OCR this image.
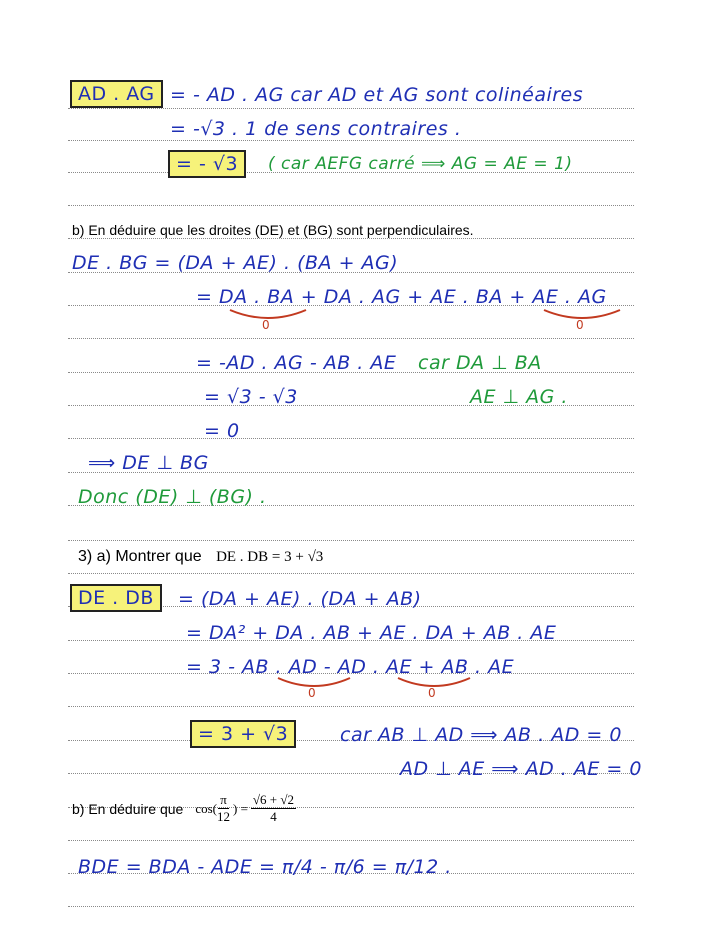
AD . AG = - AD . AG car AD et AG sont colinéaires
= -√3 . 1 de sens contraires .
= - √3	( car AEFG carré ⟹ AG = AE = 1)
b) En déduire que les droites (DE) et (BG) sont perpendiculaires.
DE . BG = (DA + AE) . (BA + AG)
= DA . BA + DA . AG + AE . BA + AE . AG
0	0
= -AD . AG - AB . AE car DA ⊥ BA
= √3 - √3	AE ⊥ AG .
= 0
⟹ DE ⊥ BG
Donc (DE) ⊥ (BG) .
3) a) Montrer que DE . DB = 3 + √3
DE . DB	= (DA + AE) . (DA + AB)
= DA² + DA . AB + AE . DA + AB . AE
= 3 - AB . AD - AD . AE + AB . AE
0	0
= 3 + √3	car AB ⊥ AD ⟹ AB . AD = 0
AD ⊥ AE ⟹ AD . AE = 0
b) En déduire que $\cos( \frac{\pi}{12}$ ) = $\frac{√6 + √2}{4}$
BDE = BDA - ADE = π/4 - π/6 = π/12 .
